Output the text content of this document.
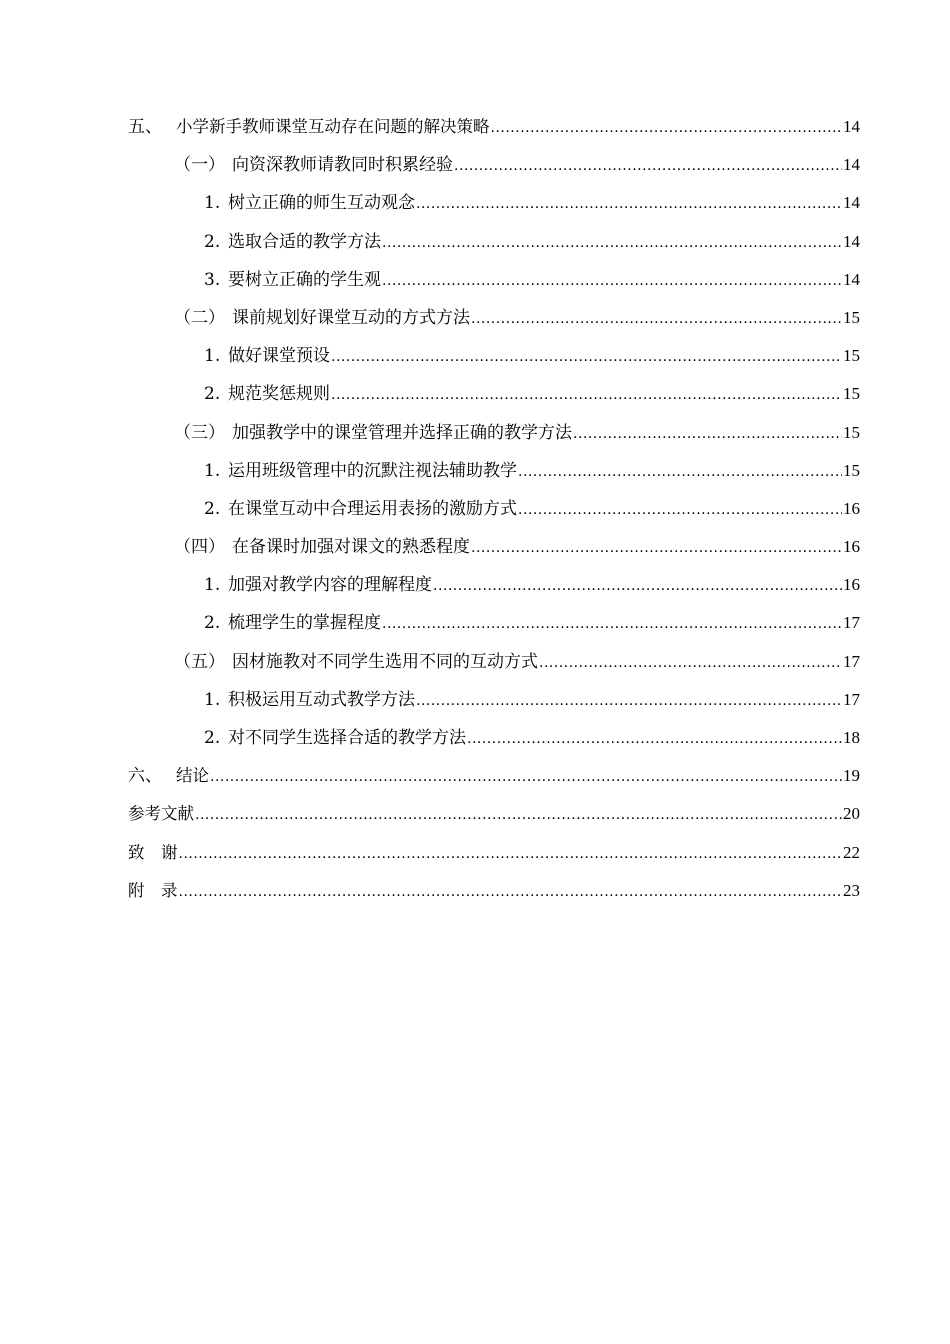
五、 小学新手教师课堂互动存在问题的解决策略 .....	14
（一） 向资深教师请教同时积累经验 .....	14
1. 树立正确的师生互动观念 .....	14
2. 选取合适的教学方法 .....	14
3. 要树立正确的学生观 .....	14
（二） 课前规划好课堂互动的方式方法 .....	15
1. 做好课堂预设 .....	15
2. 规范奖惩规则 .....	15
（三） 加强教学中的课堂管理并选择正确的教学方法 .....	15
1. 运用班级管理中的沉默注视法辅助教学 .....	15
2. 在课堂互动中合理运用表扬的激励方式 .....	16
（四） 在备课时加强对课文的熟悉程度 .....	16
1. 加强对教学内容的理解程度 .....	16
2. 梳理学生的掌握程度 .....	17
（五） 因材施教对不同学生选用不同的互动方式 .....	17
1. 积极运用互动式教学方法 .....	17
2. 对不同学生选择合适的教学方法 .....	18
六、 结论 .....	19
参考文献 .....	20
致　谢 .....	22
附　录 .....	23
